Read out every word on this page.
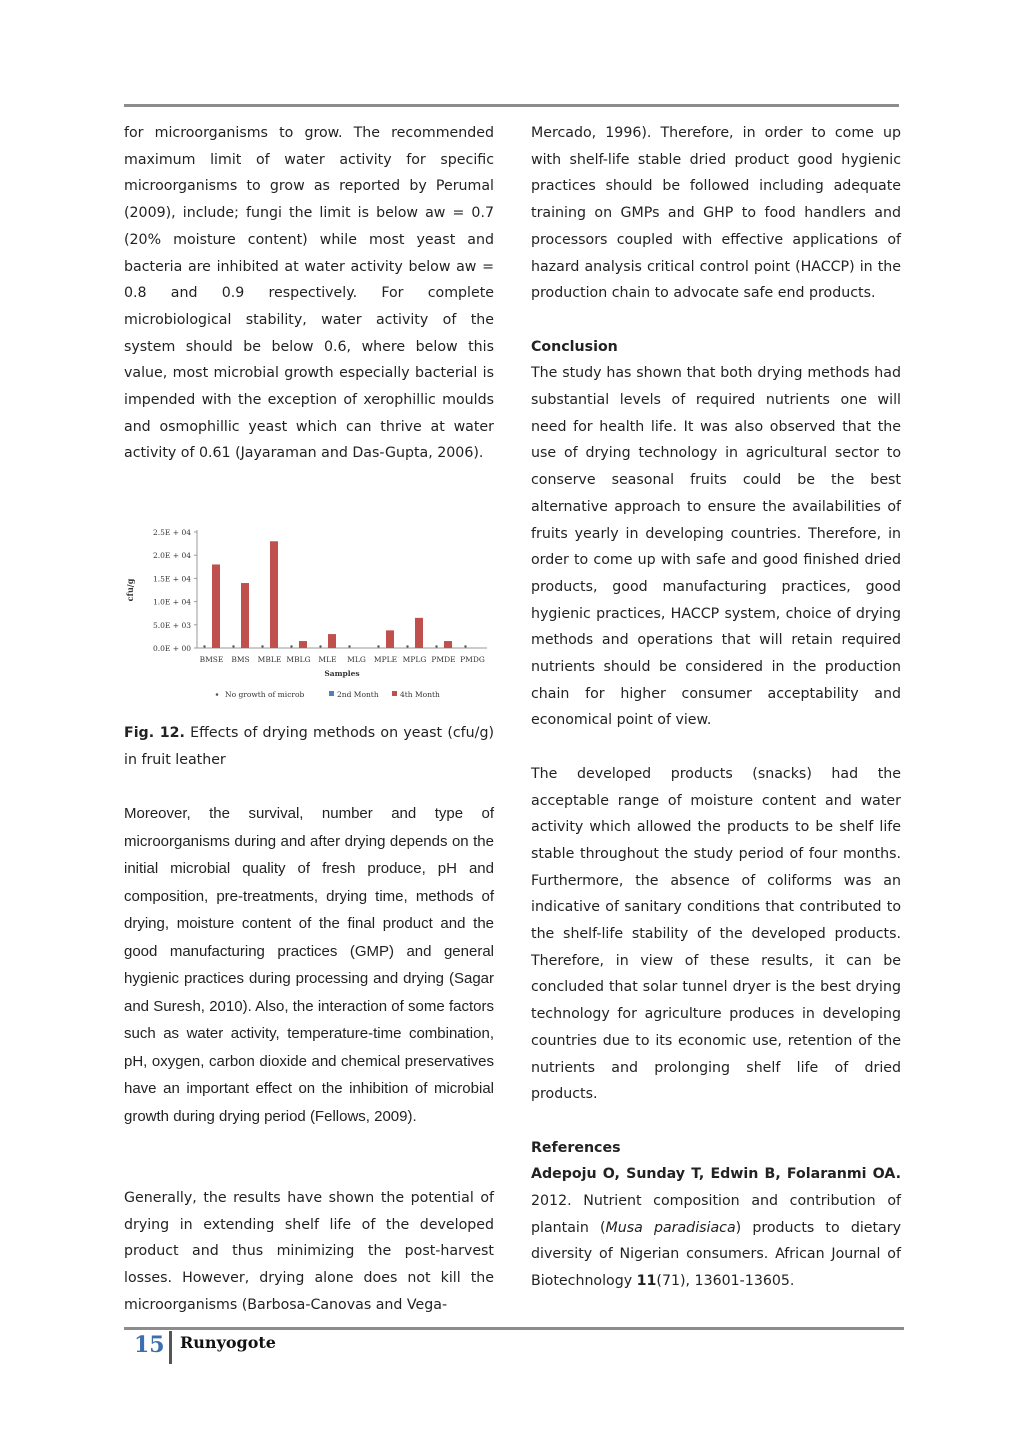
for microorganisms to grow. The recommended maximum limit of water activity for specific microorganisms to grow as reported by Perumal (2009), include; fungi the limit is below aw = 0.7 (20% moisture content) while most yeast and bacteria are inhibited at water activity below aw = 0.8 and 0.9 respectively. For complete microbiological stability, water activity of the system should be below 0.6, where below this value, most microbial growth especially bacterial is impended with the exception of xerophillic moulds and osmophillic yeast which can thrive at water activity of 0.61 (Jayaraman and Das-Gupta, 2006).

0.0E + 00
5.0E + 03
1.0E + 04
1.5E + 04
2.0E + 04
2.5E + 04
cfu/g
BMSE BMS MBLE MBLG MLE MLG MPLE MPLG PMDE PMDG
Samples
No growth of microb	2nd Month	4th Month
Fig. 12. Effects of drying methods on yeast (cfu/g) in fruit leather

Moreover, the survival, number and type of microorganisms during and after drying depends on the initial microbial quality of fresh produce, pH and composition, pre-treatments, drying time, methods of drying, moisture content of the final product and the good manufacturing practices (GMP) and general hygienic practices during processing and drying (Sagar and Suresh, 2010). Also, the interaction of some factors such as water activity, temperature-time combination, pH, oxygen, carbon dioxide and chemical preservatives have an important effect on the inhibition of microbial growth during drying period (Fellows, 2009).

Generally, the results have shown the potential of drying in extending shelf life of the developed product and thus minimizing the post-harvest losses. However, drying alone does not kill the microorganisms (Barbosa-Canovas and Vega-

Mercado, 1996). Therefore, in order to come up with shelf-life stable dried product good hygienic practices should be followed including adequate training on GMPs and GHP to food handlers and processors coupled with effective applications of hazard analysis critical control point (HACCP) in the production chain to advocate safe end products.

Conclusion

The study has shown that both drying methods had substantial levels of required nutrients one will need for health life. It was also observed that the use of drying technology in agricultural sector to conserve seasonal fruits could be the best alternative approach to ensure the availabilities of fruits yearly in developing countries. Therefore, in order to come up with safe and good finished dried products, good manufacturing practices, good hygienic practices, HACCP system, choice of drying methods and operations that will retain required nutrients should be considered in the production chain for higher consumer acceptability and economical point of view.

The developed products (snacks) had the acceptable range of moisture content and water activity which allowed the products to be shelf life stable throughout the study period of four months. Furthermore, the absence of coliforms was an indicative of sanitary conditions that contributed to the shelf-life stability of the developed products. Therefore, in view of these results, it can be concluded that solar tunnel dryer is the best drying technology for agriculture produces in developing countries due to its economic use, retention of the nutrients and prolonging shelf life of dried products.

References

Adepoju O, Sunday T, Edwin B, Folaranmi OA. 2012. Nutrient composition and contribution of plantain (Musa paradisiaca) products to dietary diversity of Nigerian consumers. African Journal of Biotechnology 11(71), 13601-13605.

15 Runyogote
